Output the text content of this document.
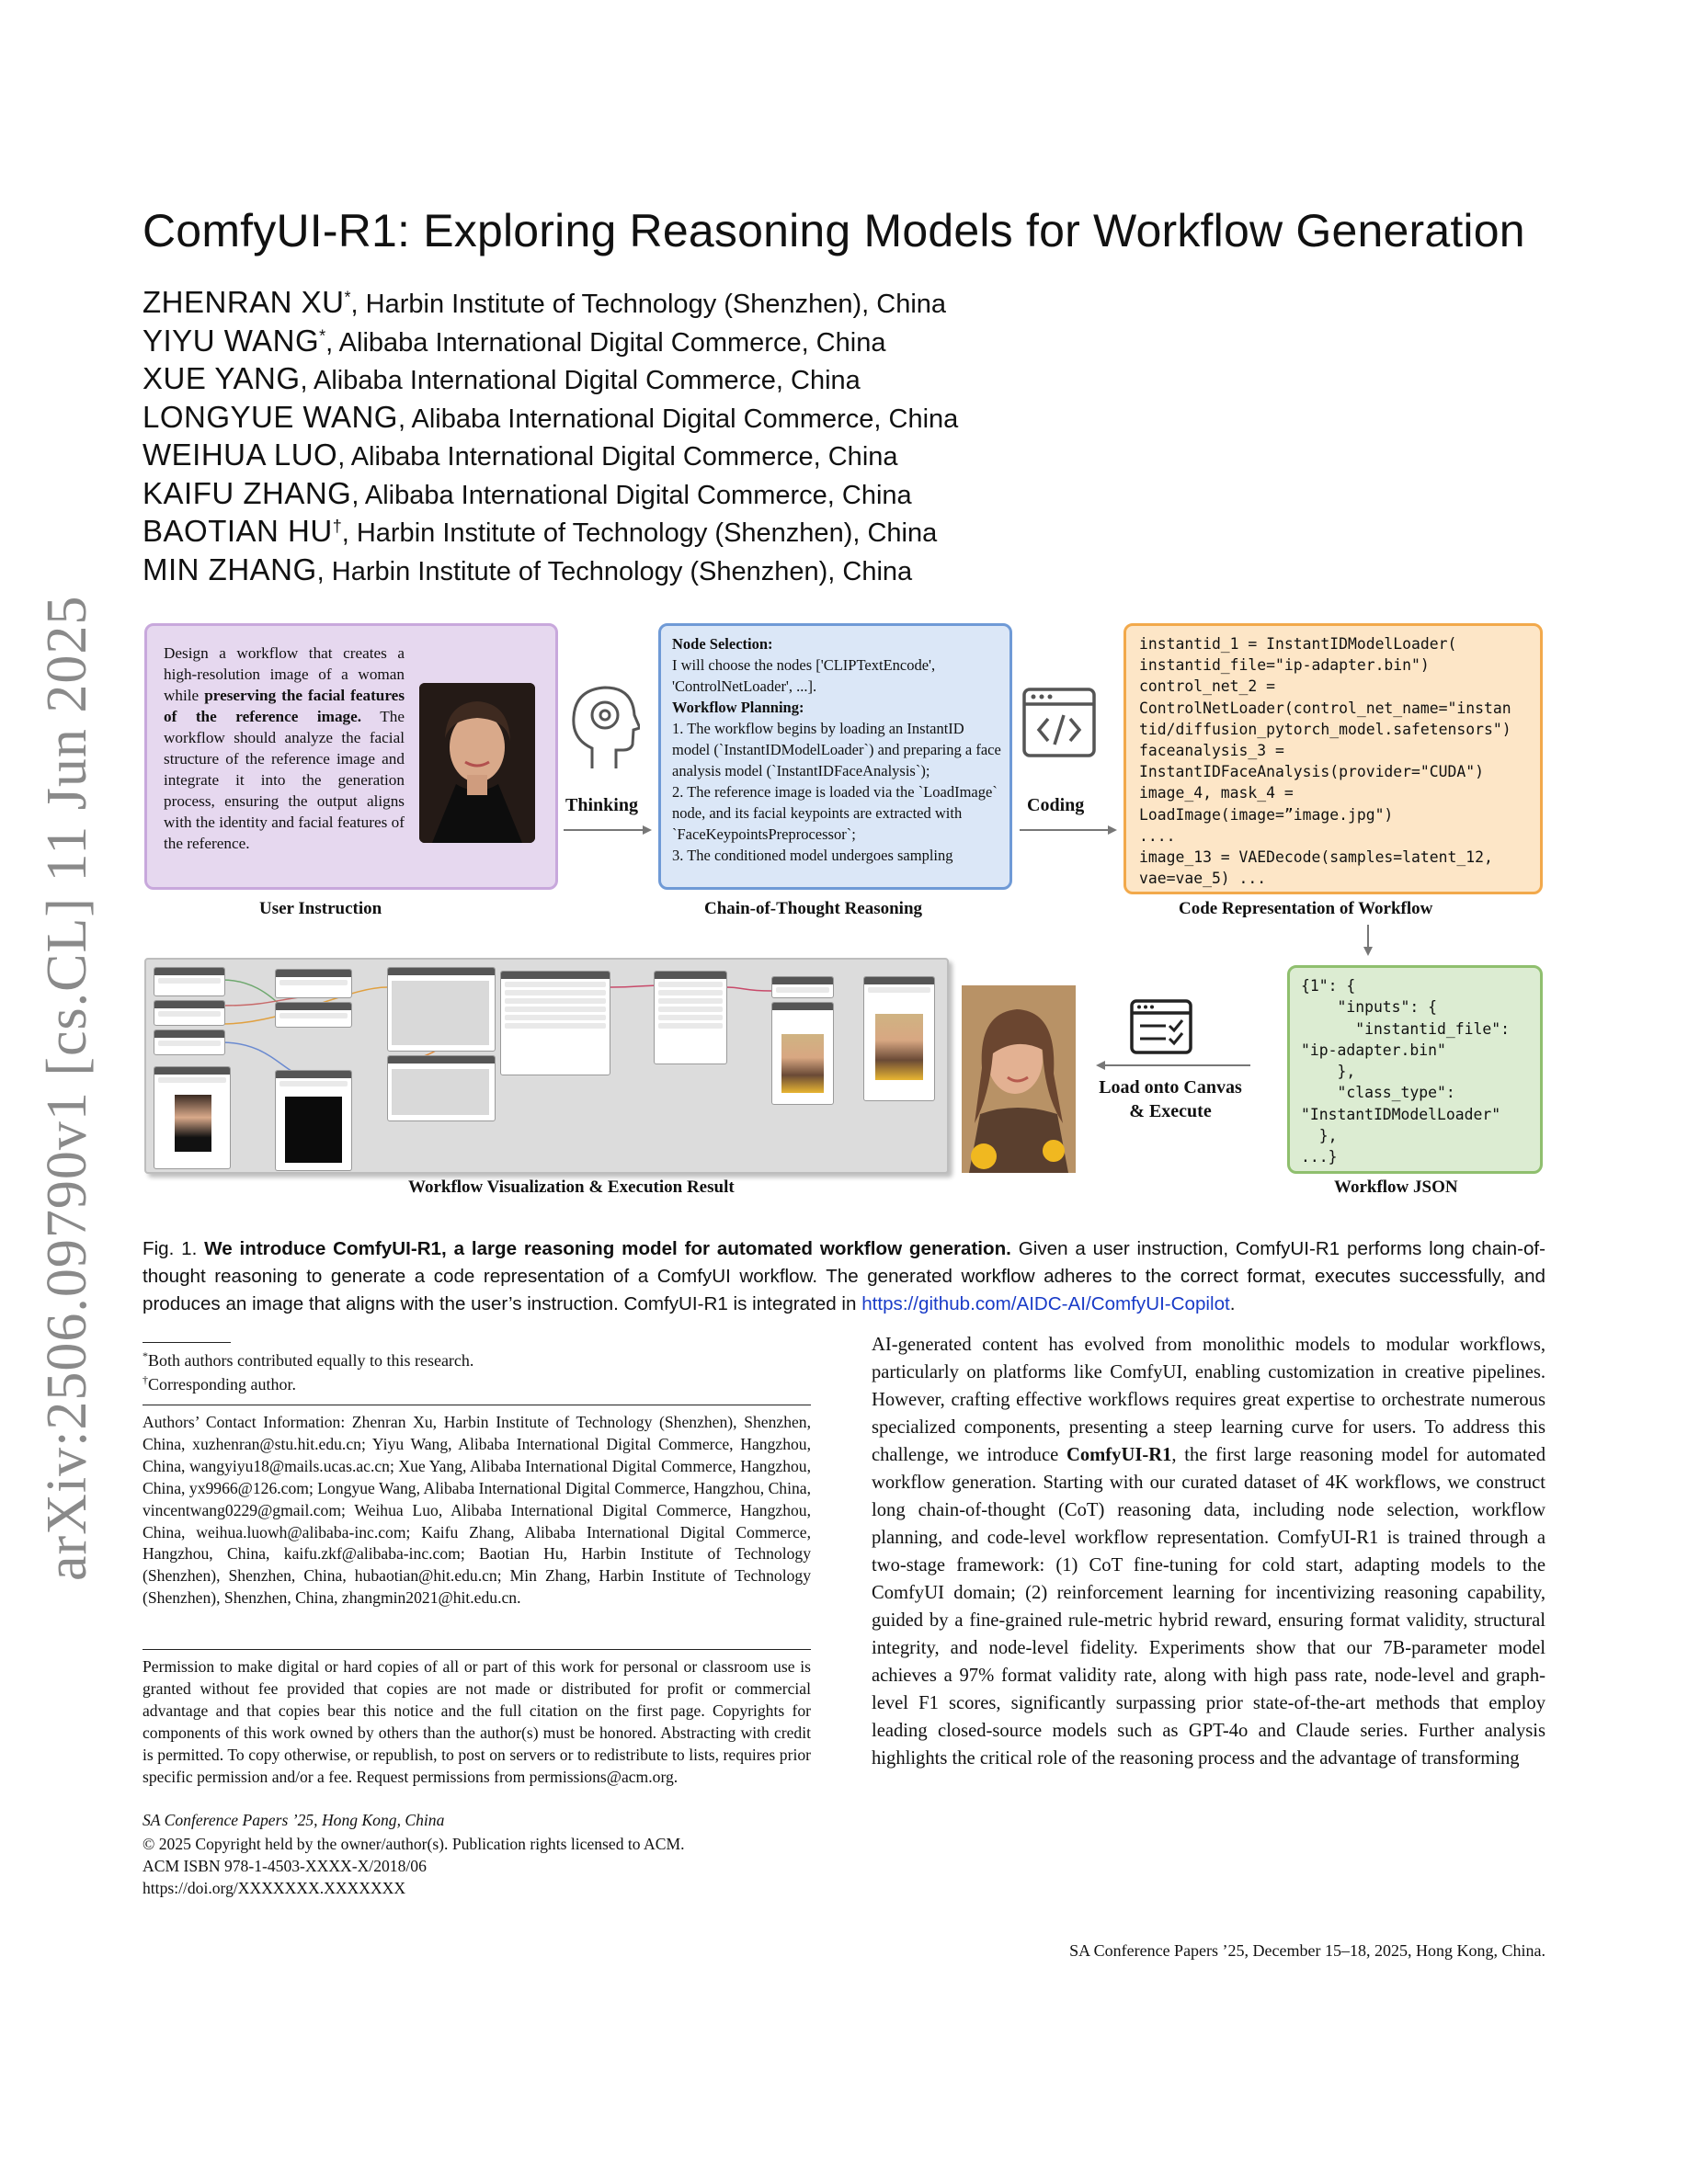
arXiv:2506.09790v1 [cs.CL] 11 Jun 2025
ComfyUI-R1: Exploring Reasoning Models for Workflow Generation
ZHENRAN XU*, Harbin Institute of Technology (Shenzhen), China
YIYU WANG*, Alibaba International Digital Commerce, China
XUE YANG, Alibaba International Digital Commerce, China
LONGYUE WANG, Alibaba International Digital Commerce, China
WEIHUA LUO, Alibaba International Digital Commerce, China
KAIFU ZHANG, Alibaba International Digital Commerce, China
BAOTIAN HU†, Harbin Institute of Technology (Shenzhen), China
MIN ZHANG, Harbin Institute of Technology (Shenzhen), China
Design a workflow that creates a high-resolution image of a woman while preserving the facial features of the reference image. The workflow should analyze the facial structure of the reference image and integrate it into the generation process, ensuring the output aligns with the identity and facial features of the reference.
Thinking
Node Selection:
I will choose the nodes ['CLIPTextEncode', 'ControlNetLoader', ...].
Workflow Planning:
1. The workflow begins by loading an InstantID model (`InstantIDModelLoader`) and preparing a face analysis model (`InstantIDFaceAnalysis`);
2. The reference image is loaded via the `LoadImage` node, and its facial keypoints are extracted with `FaceKeypointsPreprocessor`;
3. The conditioned model undergoes sampling
Coding
instantid_1 = InstantIDModelLoader(
instantid_file="ip-adapter.bin")
control_net_2 =
ControlNetLoader(control_net_name="instan
tid/diffusion_pytorch_model.safetensors")
faceanalysis_3 =
InstantIDFaceAnalysis(provider="CUDA")
image_4, mask_4 =
LoadImage(image=”image.jpg")
....
image_13 = VAEDecode(samples=latent_12,
vae=vae_5) ...
User Instruction	Chain-of-Thought Reasoning	Code Representation of Workflow
Load onto Canvas
& Execute
{1": {
"inputs": {
"instantid_file":
"ip-adapter.bin"
},
"class_type":
"InstantIDModelLoader"
},
...}
Workflow Visualization & Execution Result	Workflow JSON
Fig. 1. We introduce ComfyUI-R1, a large reasoning model for automated workflow generation. Given a user instruction, ComfyUI-R1 performs long chain-of-thought reasoning to generate a code representation of a ComfyUI workflow. The generated workflow adheres to the correct format, executes successfully, and produces an image that aligns with the user’s instruction. ComfyUI-R1 is integrated in https://github.com/AIDC-AI/ComfyUI-Copilot.
*Both authors contributed equally to this research.
†Corresponding author.
Authors’ Contact Information: Zhenran Xu, Harbin Institute of Technology (Shenzhen), Shenzhen, China, xuzhenran@stu.hit.edu.cn; Yiyu Wang, Alibaba International Digital Commerce, Hangzhou, China, wangyiyu18@mails.ucas.ac.cn; Xue Yang, Alibaba International Digital Commerce, Hangzhou, China, yx9966@126.com; Longyue Wang, Alibaba International Digital Commerce, Hangzhou, China, vincentwang0229@gmail.com; Weihua Luo, Alibaba International Digital Commerce, Hangzhou, China, weihua.luowh@alibaba-inc.com; Kaifu Zhang, Alibaba International Digital Commerce, Hangzhou, China, kaifu.zkf@alibaba-inc.com; Baotian Hu, Harbin Institute of Technology (Shenzhen), Shenzhen, China, hubaotian@hit.edu.cn; Min Zhang, Harbin Institute of Technology (Shenzhen), Shenzhen, China, zhangmin2021@hit.edu.cn.
Permission to make digital or hard copies of all or part of this work for personal or classroom use is granted without fee provided that copies are not made or distributed for profit or commercial advantage and that copies bear this notice and the full citation on the first page. Copyrights for components of this work owned by others than the author(s) must be honored. Abstracting with credit is permitted. To copy otherwise, or republish, to post on servers or to redistribute to lists, requires prior specific permission and/or a fee. Request permissions from permissions@acm.org.
SA Conference Papers ’25, Hong Kong, China
© 2025 Copyright held by the owner/author(s). Publication rights licensed to ACM.
ACM ISBN 978-1-4503-XXXX-X/2018/06
https://doi.org/XXXXXXX.XXXXXXX
AI-generated content has evolved from monolithic models to modular workflows, particularly on platforms like ComfyUI, enabling customization in creative pipelines. However, crafting effective workflows requires great expertise to orchestrate numerous specialized components, presenting a steep learning curve for users. To address this challenge, we introduce ComfyUI-R1, the first large reasoning model for automated workflow generation. Starting with our curated dataset of 4K workflows, we construct long chain-of-thought (CoT) reasoning data, including node selection, workflow planning, and code-level workflow representation. ComfyUI-R1 is trained through a two-stage framework: (1) CoT fine-tuning for cold start, adapting models to the ComfyUI domain; (2) reinforcement learning for incentivizing reasoning capability, guided by a fine-grained rule-metric hybrid reward, ensuring format validity, structural integrity, and node-level fidelity. Experiments show that our 7B-parameter model achieves a 97% format validity rate, along with high pass rate, node-level and graph-level F1 scores, significantly surpassing prior state-of-the-art methods that employ leading closed-source models such as GPT-4o and Claude series. Further analysis highlights the critical role of the reasoning process and the advantage of transforming
SA Conference Papers ’25, December 15–18, 2025, Hong Kong, China.
